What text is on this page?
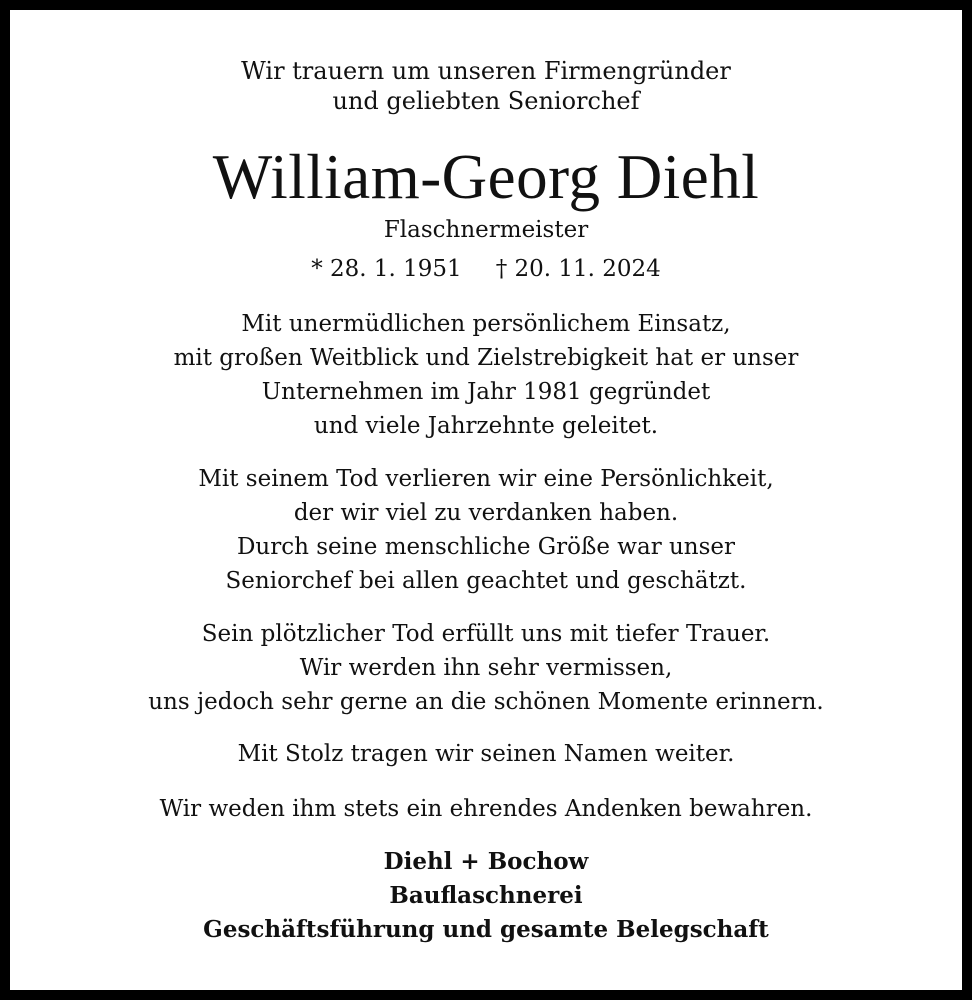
Wir trauern um unseren Firmengründer
und geliebten Seniorchef
William-Georg Diehl
Flaschnermeister
* 28. 1. 1951 † 20. 11. 2024
Mit unermüdlichen persönlichem Einsatz,
mit großen Weitblick und Zielstrebigkeit hat er unser
Unternehmen im Jahr 1981 gegründet
und viele Jahrzehnte geleitet.
Mit seinem Tod verlieren wir eine Persönlichkeit,
der wir viel zu verdanken haben.
Durch seine menschliche Größe war unser
Seniorchef bei allen geachtet und geschätzt.
Sein plötzlicher Tod erfüllt uns mit tiefer Trauer.
Wir werden ihn sehr vermissen,
uns jedoch sehr gerne an die schönen Momente erinnern.
Mit Stolz tragen wir seinen Namen weiter.
Wir weden ihm stets ein ehrendes Andenken bewahren.
Diehl + Bochow
Bauflaschnerei
Geschäftsführung und gesamte Belegschaft
